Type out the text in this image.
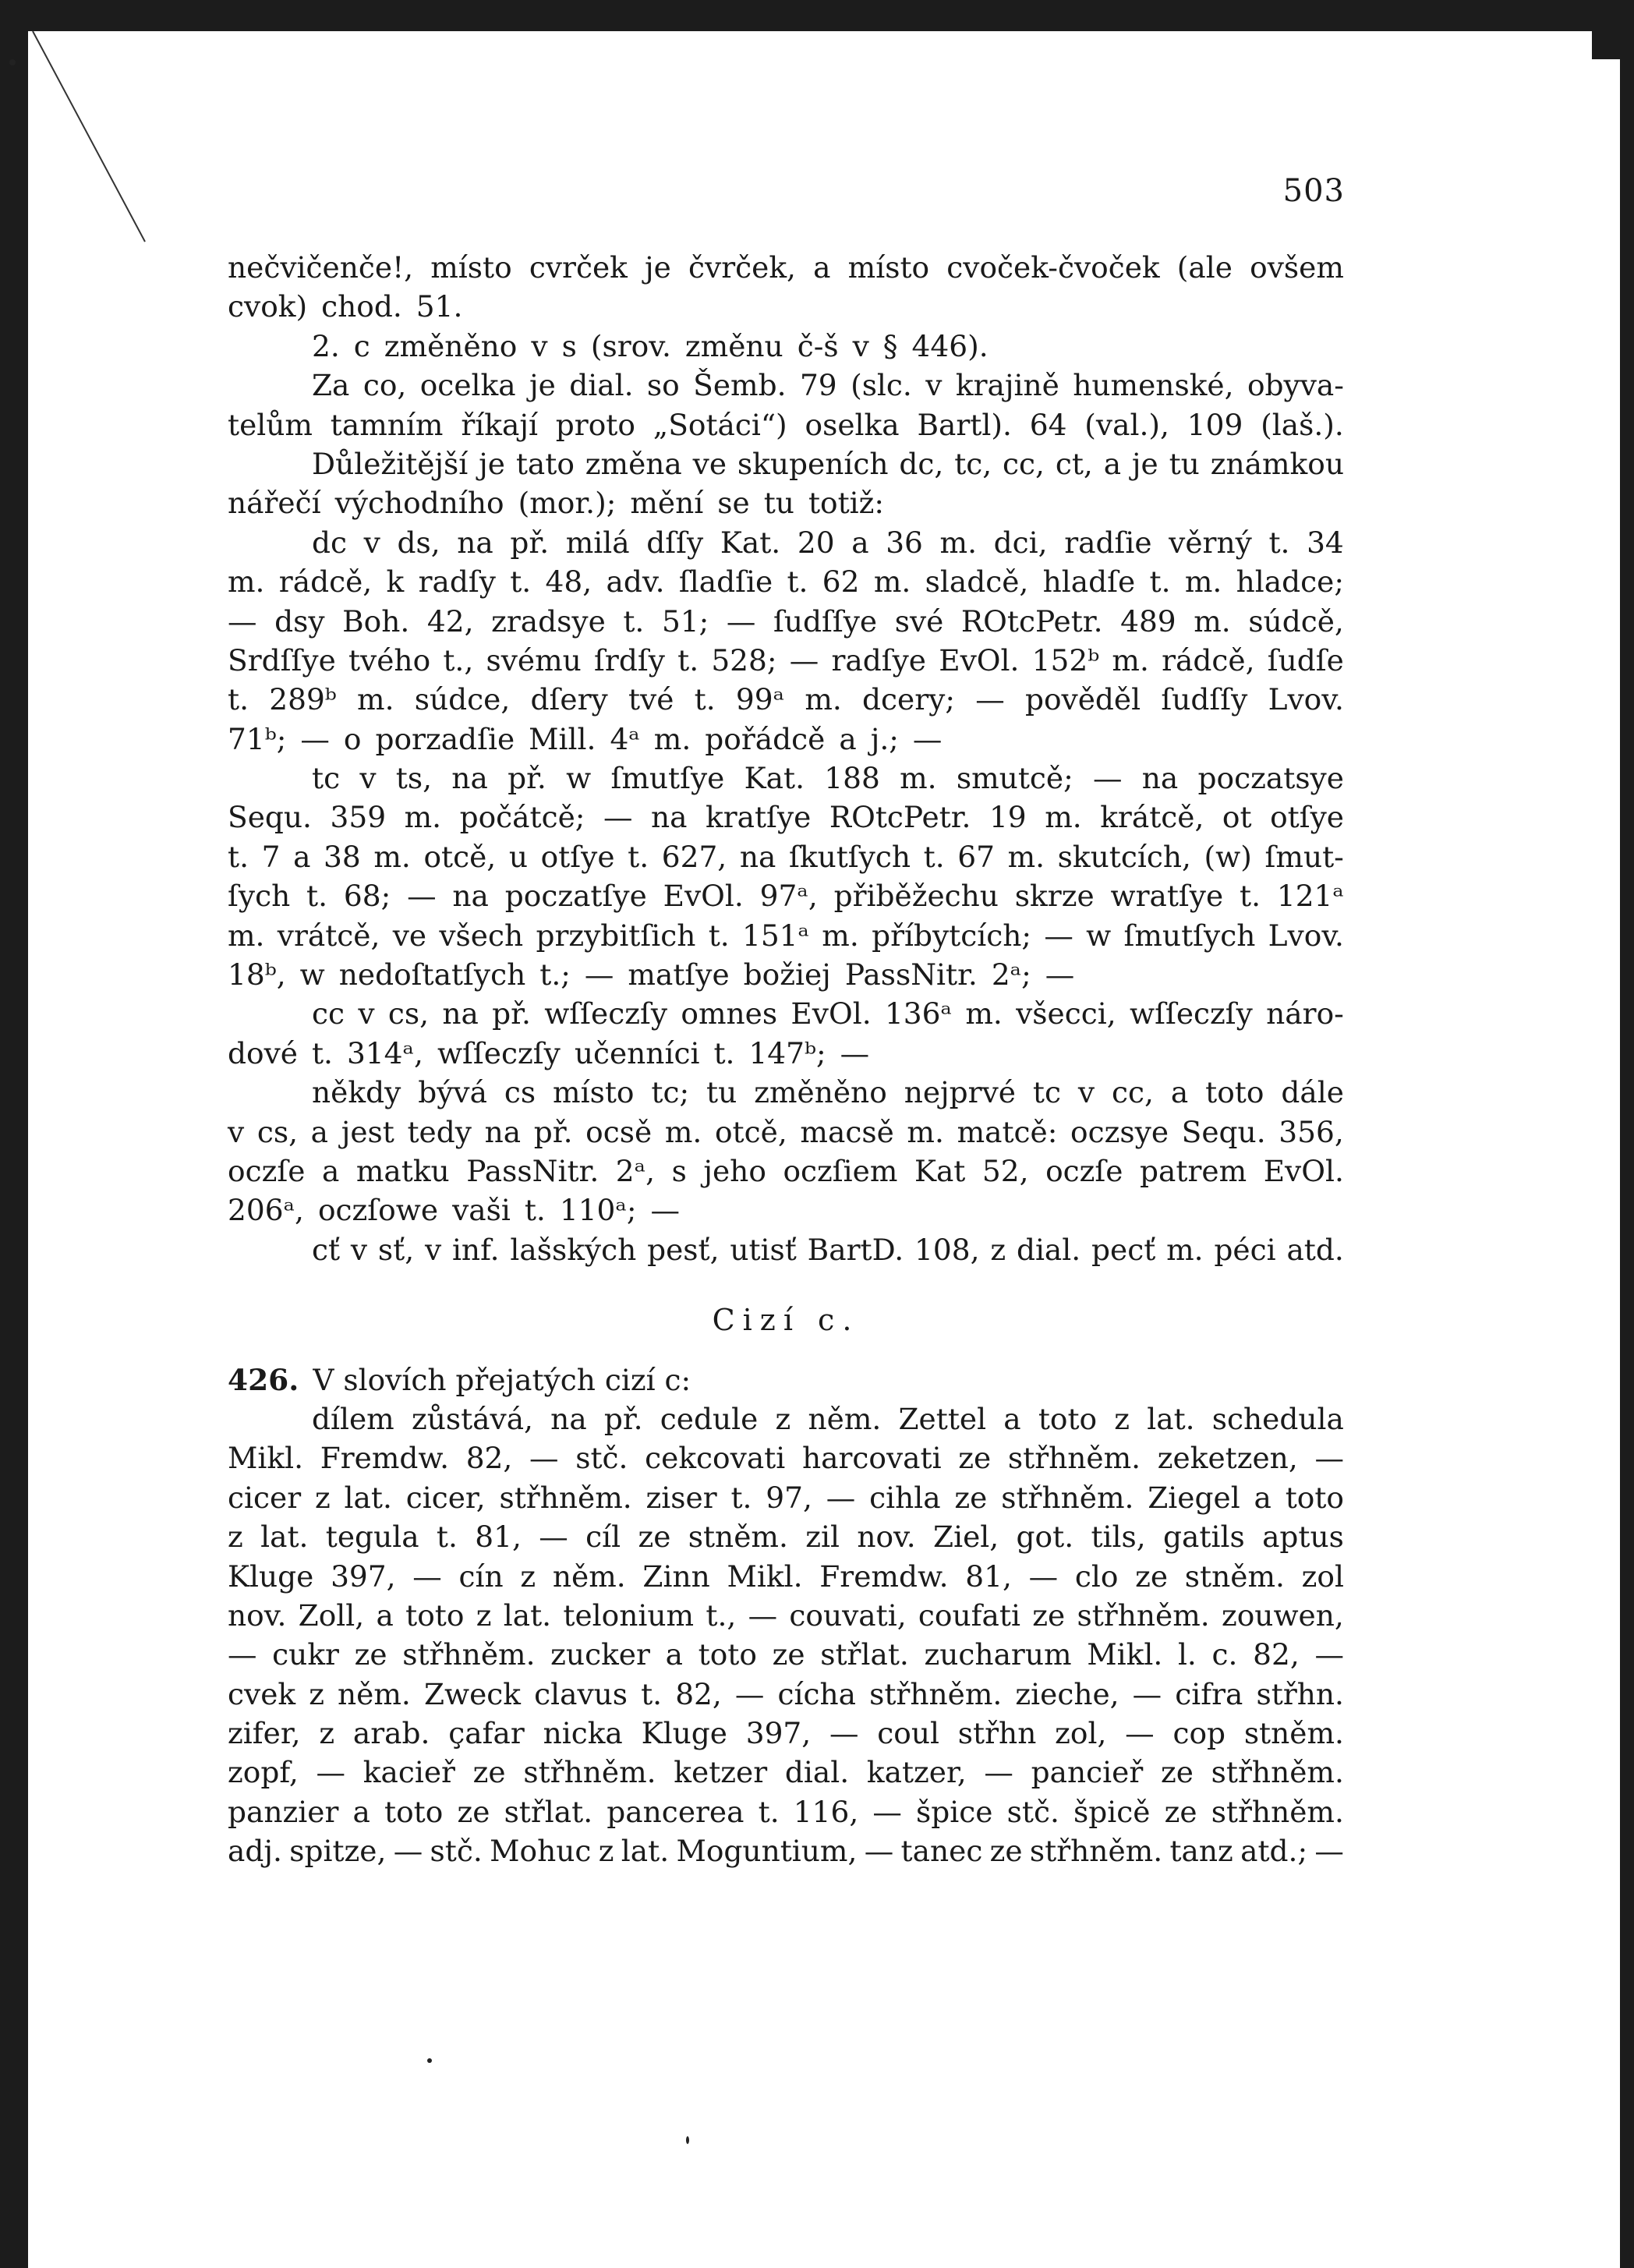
503
nečvičenče!, místo cvrček je čvrček, a místo cvoček-čvoček (ale ovšem
cvok) chod. 51.
2. c změněno v s (srov. změnu č-š v § 446).
Za co, ocelka je dial. so Šemb. 79 (slc. v krajině humenské, obyva-
telům tamním říkají proto „Sotáci“) oselka Bartl). 64 (val.), 109 (laš.).
Důležitější je tato změna ve skupeních dc, tc, cc, ct, a je tu známkou
nářečí východního (mor.); mění se tu totiž:
dc v ds, na př. milá dſſy Kat. 20 a 36 m. dci, radſie věrný t. 34
m. rádcě, k radſy t. 48, adv. ſladſie t. 62 m. sladcě, hladſe t. m. hladce;
— dsy Boh. 42, zradsye t. 51; — ſudſſye své ROtcPetr. 489 m. súdcě,
Srdſſye tvého t., svému ſrdſy t. 528; — radſye EvOl. 152ᵇ m. rádcě, ſudſe
t. 289ᵇ m. súdce, dſery tvé t. 99ᵃ m. dcery; — pověděl ſudſſy Lvov.
71ᵇ; — o porzadſie Mill. 4ᵃ m. pořádcě a j.; —
tc v ts, na př. w ſmutſye Kat. 188 m. smutcě; — na poczatsye
Sequ. 359 m. počátcě; — na kratſye ROtcPetr. 19 m. krátcě, ot otſye
t. 7 a 38 m. otcě, u otſye t. 627, na ſkutſych t. 67 m. skutcích, (w) ſmut-
ſych t. 68; — na poczatſye EvOl. 97ᵃ, přiběžechu skrze wratſye t. 121ᵃ
m. vrátcě, ve všech przybitſich t. 151ᵃ m. příbytcích; — w ſmutſych Lvov.
18ᵇ, w nedoſtatſych t.; — matſye božiej PassNitr. 2ᵃ; —
cc v cs, na př. wſſeczſy omnes EvOl. 136ᵃ m. všecci, wſſeczſy náro-
dové t. 314ᵃ, wſſeczſy učenníci t. 147ᵇ; —
někdy bývá cs místo tc; tu změněno nejprvé tc v cc, a toto dále
v cs, a jest tedy na př. ocsě m. otcě, macsě m. matcě: oczsye Sequ. 356,
oczſe a matku PassNitr. 2ᵃ, s jeho oczſiem Kat 52, oczſe patrem EvOl.
206ᵃ, oczſowe vaši t. 110ᵃ; —
cť v sť, v inf. lašských pesť, utisť BartD. 108, z dial. pecť m. péci atd.
Cizí c.
426. V slovích přejatých cizí c:
dílem zůstává, na př. cedule z něm. Zettel a toto z lat. schedula
Mikl. Fremdw. 82, — stč. cekcovati harcovati ze střhněm. zeketzen, —
cicer z lat. cicer, střhněm. ziser t. 97, — cihla ze střhněm. Ziegel a toto
z lat. tegula t. 81, — cíl ze stněm. zil nov. Ziel, got. tils, gatils aptus
Kluge 397, — cín z něm. Zinn Mikl. Fremdw. 81, — clo ze stněm. zol
nov. Zoll, a toto z lat. telonium t., — couvati, coufati ze střhněm. zouwen,
— cukr ze střhněm. zucker a toto ze střlat. zucharum Mikl. l. c. 82, —
cvek z něm. Zweck clavus t. 82, — cícha střhněm. zieche, — cifra střhn.
zifer, z arab. ҫafar nicka Kluge 397, — coul střhn zol, — cop stněm.
zopf, — kacieř ze střhněm. ketzer dial. katzer, — pancieř ze střhněm.
panzier a toto ze střlat. pancerea t. 116, — špice stč. špicě ze střhněm.
adj. spitze, — stč. Mohuc z lat. Moguntium, — tanec ze střhněm. tanz atd.; —
